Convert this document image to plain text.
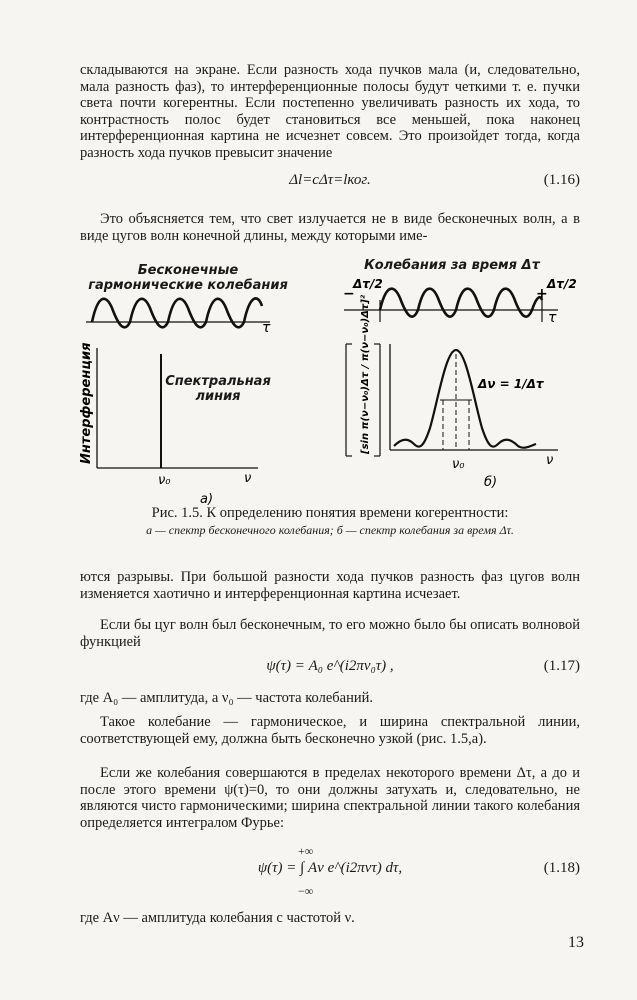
складываются на экране. Если разность хода пучков мала (и, следовательно, мала разность фаз), то интерференционные полосы будут четкими т. е. пучки света почти когерентны. Если постепенно увеличивать разность их хода, то контрастность полос будет становиться все меньшей, пока наконец интерференционная картина не исчезнет совсем. Это произойдет тогда, когда разность хода пучков превысит значение

Δl=cΔτ=lког.	(1.16)

Это объясняется тем, что свет излучается не в виде бесконечных волн, а в виде цугов волн конечной длины, между которыми име-

τ
ν₀	ν
а)
Интерференция
τ
−
Δτ/2
+
Δτ/2
Δν = 1/Δτ
ν₀	ν
б)
[sin π(ν−ν₀)Δτ / π(ν−ν₀)Δτ]²
Бесконечные гармонические колебания
Колебания за время Δτ
Спектральная линия
Рис. 1.5. К определению понятия времени когерентности:
а — спектр бесконечного колебания; б — спектр колебания за время Δτ.

ются разрывы. При большой разности хода пучков разность фаз цугов волн изменяется хаотично и интерференционная картина исчезает.

Если бы цуг волн был бесконечным, то его можно было бы описать волновой функцией

ψ(τ) = A₀ e^(i2πν₀τ) ,	(1.17)

где A₀ — амплитуда, а ν₀ — частота колебаний.

Такое колебание — гармоническое, и ширина спектральной линии, соответствующей ему, должна быть бесконечно узкой (рис. 1.5,а).

Если же колебания совершаются в пределах некоторого времени Δτ, а до и после этого времени ψ(τ)=0, то они должны затухать и, следовательно, не являются чисто гармоническими; ширина спектральной линии такого колебания определяется интегралом Фурье:

+∞
ψ(τ) = ∫ Aν e^(i2πντ) dτ,
−∞
(1.18)

где Aν — амплитуда колебания с частотой ν.

13
